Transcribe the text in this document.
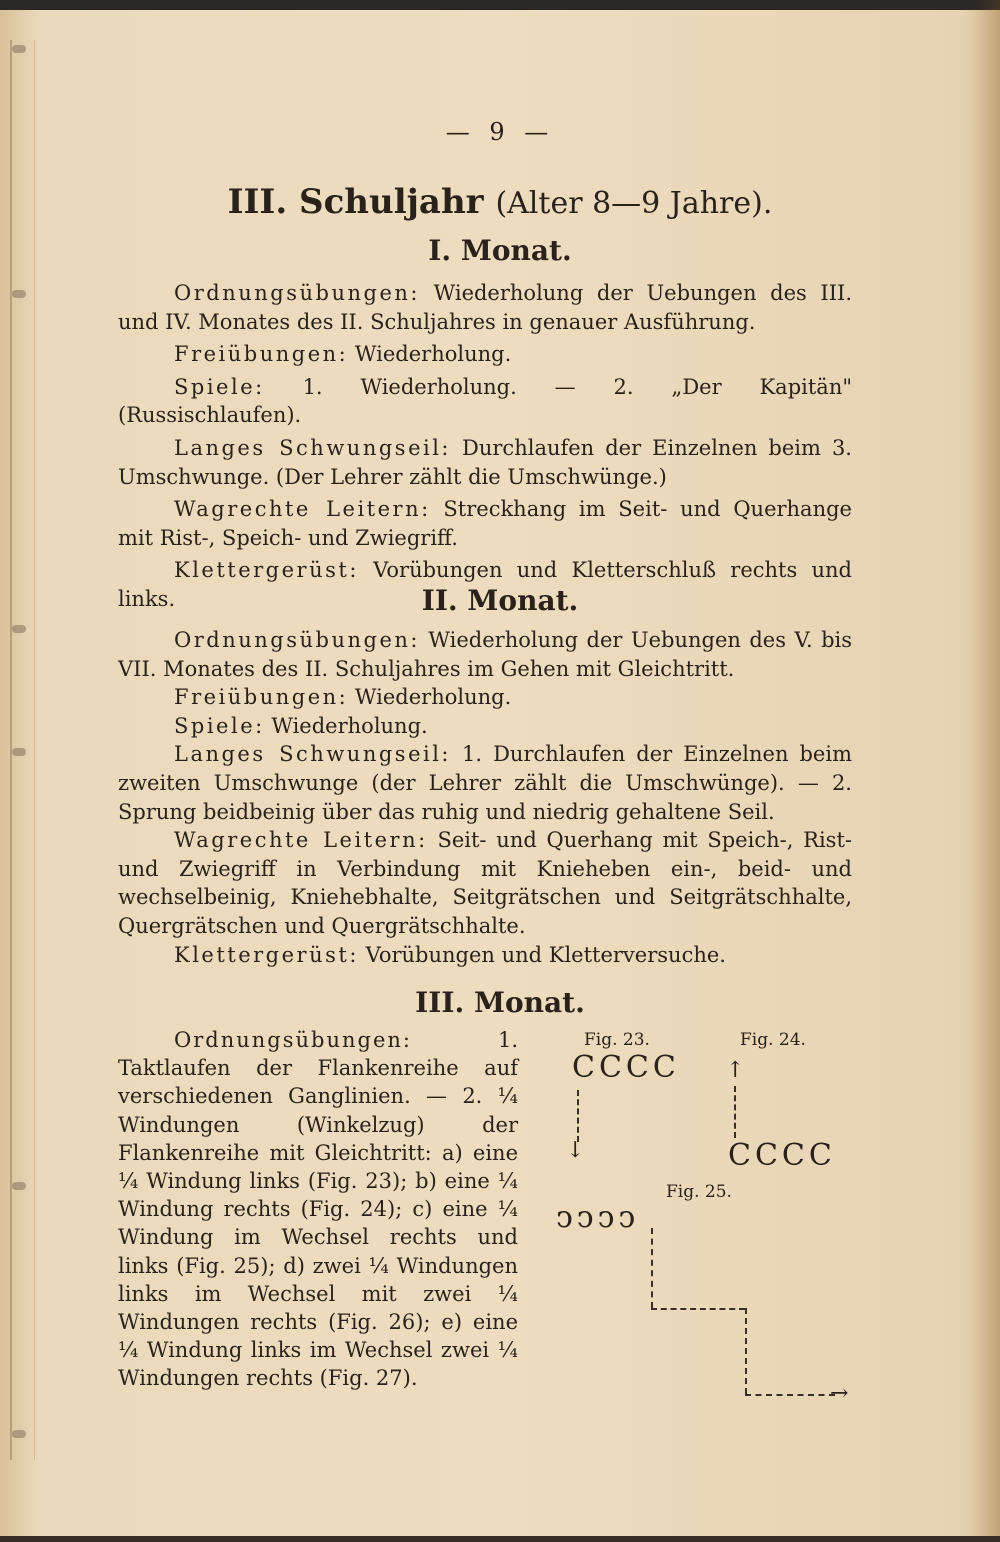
— 9 —
III. Schuljahr (Alter 8—9 Jahre).
I. Monat.

Ordnungsübungen: Wiederholung der Uebungen des III. und IV. Monates des II. Schuljahres in genauer Ausführung.

Freiübungen: Wiederholung.

Spiele: 1. Wiederholung. — 2. „Der Kapitän" (Russischlaufen).

Langes Schwungseil: Durchlaufen der Einzelnen beim 3. Umschwunge. (Der Lehrer zählt die Umschwünge.)

Wagrechte Leitern: Streckhang im Seit- und Querhange mit Rist-, Speich- und Zwiegriff.

Klettergerüst: Vorübungen und Kletterschluß rechts und links.	II. Monat.

Ordnungsübungen: Wiederholung der Uebungen des V. bis VII. Monates des II. Schuljahres im Gehen mit Gleichtritt.

Freiübungen: Wiederholung.

Spiele: Wiederholung.

Langes Schwungseil: 1. Durchlaufen der Einzelnen beim zweiten Umschwunge (der Lehrer zählt die Umschwünge). — 2. Sprung beidbeinig über das ruhig und niedrig gehaltene Seil.

Wagrechte Leitern: Seit- und Querhang mit Speich-, Rist- und Zwiegriff in Verbindung mit Knieheben ein-, beid- und wechselbeinig, Kniehebhalte, Seitgrätschen und Seitgrätschhalte, Quergrätschen und Quergrätschhalte.

Klettergerüst: Vorübungen und Kletterversuche.

III. Monat.

Ordnungsübungen: 1. Taktlaufen der Flankenreihe auf verschiedenen Ganglinien. — 2. ¼ Windungen (Winkelzug) der Flankenreihe mit Gleichtritt: a) eine ¼ Windung links (Fig. 23); b) eine ¼ Windung rechts (Fig. 24); c) eine ¼ Windung im Wechsel rechts und links (Fig. 25); d) zwei ¼ Windungen links im Wechsel mit zwei ¼ Windungen rechts (Fig. 26); e) eine ¼ Windung links im Wechsel zwei ¼ Windungen rechts (Fig. 27).

Fig. 23.
CCCC
↓
Fig. 24.
↑
CCCC
Fig. 25.
ↄↄↄↄ
→
